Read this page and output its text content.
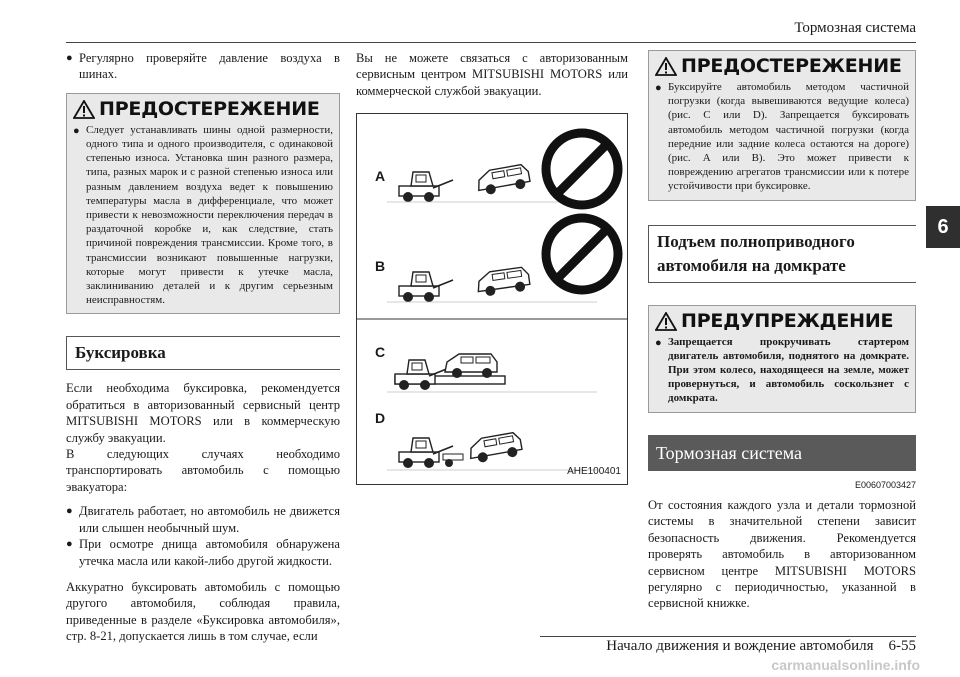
Тормозная система
6
● Регулярно проверяйте давление воздуха в шинах.
ПРЕДОСТЕРЕЖЕНИЕ
● Следует устанавливать шины одной размерности, одного типа и одного производителя, с одинаковой степенью износа. Установка шин разного размера, типа, разных марок и с разной степенью износа или разным давлением воздуха ведет к повышению температуры масла в дифференциале, что может привести к невозможности переключения передач в раздаточной коробке и, как следствие, стать причиной повреждения трансмиссии. Кроме того, в трансмиссии возникают повышенные нагрузки, которые могут привести к утечке масла, заклиниванию деталей и к другим серьезным неисправностям.
Буксировка

Если необходима буксировка, рекомендуется обратиться в авторизованный сервисный центр MITSUBISHI MOTORS или в коммерческую службу эвакуации.

В следующих случаях необходимо транспортировать автомобиль с помощью эвакуатора:

● Двигатель работает, но автомобиль не движется или слышен необычный шум.
● При осмотре днища автомобиля обнаружена утечка масла или какой-либо другой жидкости.

Аккуратно буксировать автомобиль с помощью другого автомобиля, соблюдая правила, приведенные в разделе «Буксировка автомобиля», стр. 8-21, допускается лишь в том случае, если

Вы не можете связаться с авторизованным сервисным центром MITSUBISHI MOTORS или коммерческой службой эвакуации.

A
B
C
D
AHE100401
ПРЕДОСТЕРЕЖЕНИЕ
● Буксируйте автомобиль методом частичной погрузки (когда вывешиваются ведущие колеса) (рис. C или D). Запрещается буксировать автомобиль методом частичной погрузки (когда передние или задние колеса остаются на дороге) (рис. A или B). Это может привести к повреждению агрегатов трансмиссии или к потере устойчивости при буксировке.
Подъем полноприводного автомобиля на домкрате
ПРЕДУПРЕЖДЕНИЕ
● Запрещается прокручивать стартером двигатель автомобиля, поднятого на домкрате. При этом колесо, находящееся на земле, может провернуться, и автомобиль соскользнет с домкрата.
Тормозная система
E00607003427

От состояния каждого узла и детали тормозной системы в значительной степени зависит безопасность движения. Рекомендуется проверять автомобиль в авторизованном сервисном центре MITSUBISHI MOTORS регулярно с периодичностью, указанной в сервисной книжке.

Начало движения и вождение автомобиля    6-55
carmanualsonline.info
